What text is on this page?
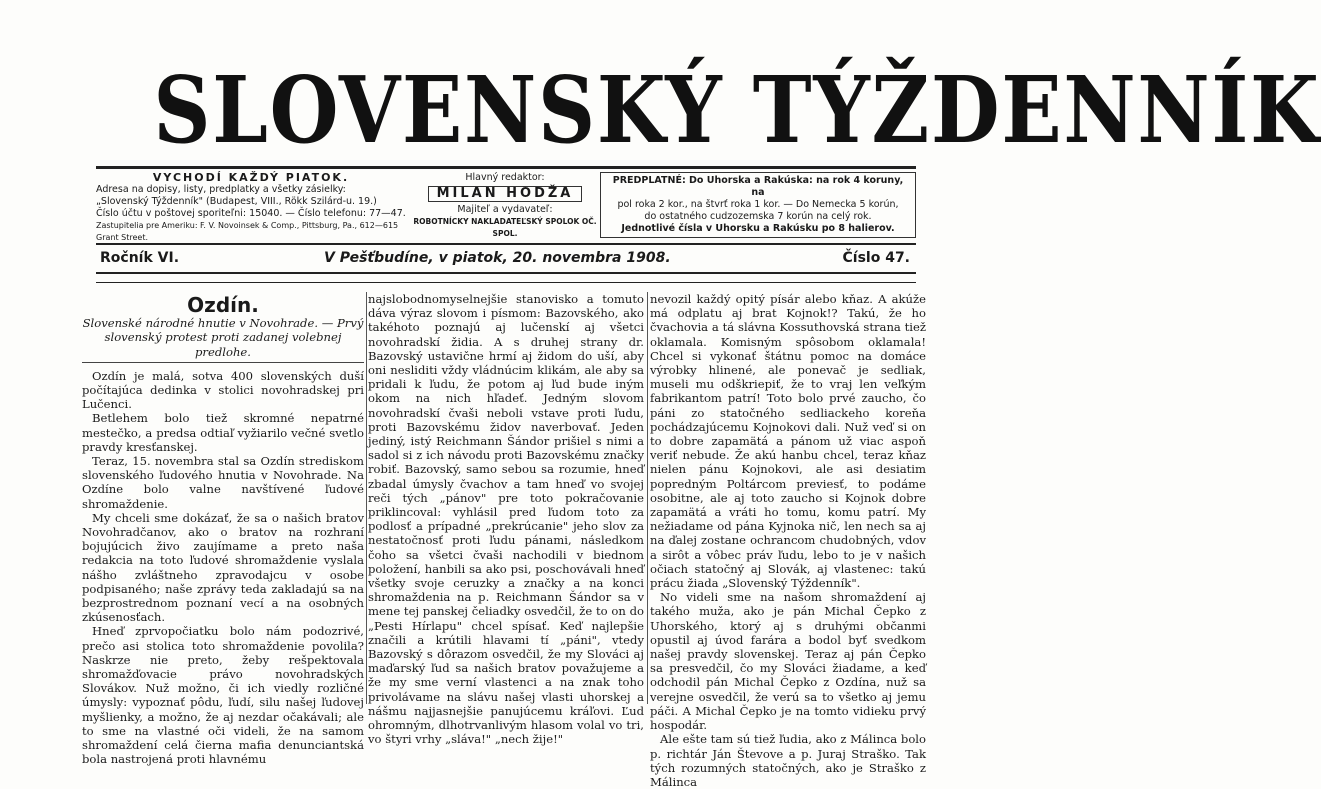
SLOVENSKÝ TÝŽDENNÍK
VYCHODÍ KAŽDÝ PIATOK.
Adresa na dopisy, listy, predplatky a všetky zásielky:
„Slovenský Týždenník" (Budapest, VIII., Rökk Szilárd-u. 19.)
Číslo účtu v poštovej sporiteľni: 15040. — Číslo telefonu: 77—47.
Zastupitelia pre Ameriku: F. V. Novoinsek & Comp., Pittsburg, Pa., 612—615 Grant Street.
Hlavný redaktor:
MILAN HODŽA
Majiteľ a vydavateľ:
ROBOTNÍCKY NAKLADATEĽSKÝ SPOLOK OČ. SPOL.
PREDPLATNÉ: Do Uhorska a Rakúska: na rok 4 koruny, na
pol roka 2 kor., na štvrť roka 1 kor. — Do Nemecka 5 korún,
do ostatného cudzozemska 7 korún na celý rok.
Jednotlivé čísla v Uhorsku a Rakúsku po 8 halierov.
Ročník VI.	V Pešťbudíne, v piatok, 20. novembra 1908.	Číslo 47.
Ozdín.

Slovenské národné hnutie v Novohrade. — Prvý slovenský protest proti zadanej volebnej predlohe.

Ozdín je malá, sotva 400 slovenských duší počítajúca dedinka v stolici novohradskej pri Lučenci.

Betlehem bolo tiež skromné nepatrné mestečko, a predsa odtiaľ vyžiarilo večné svetlo pravdy kresťanskej.

Teraz, 15. novembra stal sa Ozdín strediskom slovenského ľudového hnutia v Novohrade. Na Ozdíne bolo valne navštívené ľudové shromaždenie.

My chceli sme dokázať, že sa o našich bratov Novohradčanov, ako o bratov na rozhraní bojujúcich živo zaujímame a preto naša redakcia na toto ľudové shromaždenie vyslala nášho zvláštneho zpravodajcu v osobe podpisaného; naše zprávy teda zakladajú sa na bezprostrednom poznaní vecí a na osobných zkúsenosťach.

Hneď zprvopočiatku bolo nám podozrivé, prečo asi stolica toto shromaždenie povolila? Naskrze nie preto, žeby rešpektovala shromažďovacie právo novohradských Slovákov. Nuž možno, či ich viedly rozličné úmysly: vypoznať pôdu, ľudí, silu našej ľudovej myšlienky, a možno, že aj nezdar očakávali; ale to sme na vlastné oči videli, že na samom shromaždení celá čierna mafia denunciantská bola nastrojená proti hlavnému

najslobodnomyselnejšie stanovisko a tomuto dáva výraz slovom i písmom: Bazovského, ako takéhoto poznajú aj lučenskí aj všetci novohradskí židia. A s druhej strany dr. Bazovský ustavične hrmí aj židom do uší, aby oni nesliditi vždy vládnúcim klikám, ale aby sa pridali k ľudu, že potom aj ľud bude iným okom na nich hľadeť. Jedným slovom novohradskí čvaši neboli vstave proti ľudu, proti Bazovskému židov naverbovať. Jeden jediný, istý Reichmann Šándor prišiel s nimi a sadol si z ich návodu proti Bazovskému značky robiť. Bazovský, samo sebou sa rozumie, hneď zbadal úmysly čvachov a tam hneď vo svojej reči tých „pánov" pre toto pokračovanie priklincoval: vyhlásil pred ľudom toto za podlosť a prípadné „prekrúcanie" jeho slov za nestatočnosť proti ľudu pánami, následkom čoho sa všetci čvaši nachodili v biednom položení, hanbili sa ako psi, poschovávali hneď všetky svoje ceruzky a značky a na konci shromaždenia na p. Reichmann Šándor sa v mene tej panskej čeliadky osvedčil, že to on do „Pesti Hírlapu" chcel spísať. Keď najlepšie značili a krútili hlavami tí „páni", vtedy Bazovský s dôrazom osvedčil, že my Slováci aj maďarský ľud sa našich bratov považujeme a že my sme verní vlastenci a na znak toho privolávame na slávu našej vlasti uhorskej a nášmu najjasnejšie panujúcemu kráľovi. Ľud ohromným, dlhotrvanlivým hlasom volal vo tri, vo štyri vrhy „sláva!" „nech žije!"

nevozil každý opitý písár alebo kňaz. A akúže má odplatu aj brat Kojnok!? Takú, že ho čvachovia a tá slávna Kossuthovská strana tiež oklamala. Komisným spôsobom oklamala! Chcel si vykonať štátnu pomoc na domáce výrobky hlinené, ale ponevač je sedliak, museli mu odškriepiť, že to vraj len veľkým fabrikantom patrí! Toto bolo prvé zaucho, čo páni zo statočného sedliackeho koreňa pochádzajúcemu Kojnokovi dali. Nuž veď si on to dobre zapamätá a pánom už viac aspoň veriť nebude. Že akú hanbu chcel, teraz kňaz nielen pánu Kojnokovi, ale asi desiatim popredným Poltárcom previesť, to podáme osobitne, ale aj toto zaucho si Kojnok dobre zapamätá a vráti ho tomu, komu patrí. My nežiadame od pána Kyjnoka nič, len nech sa aj na ďalej zostane ochrancom chudobných, vdov a sirôt a vôbec práv ľudu, lebo to je v našich očiach statočný aj Slovák, aj vlastenec: takú prácu žiada „Slovenský Týždenník".

No videli sme na našom shromaždení aj takého muža, ako je pán Michal Čepko z Uhorského, ktorý aj s druhými občanmi opustil aj úvod farára a bodol byť svedkom našej pravdy slovenskej. Teraz aj pán Čepko sa presvedčil, čo my Slováci žiadame, a keď odchodil pán Michal Čepko z Ozdína, nuž sa verejne osvedčil, že verú sa to všetko aj jemu páči. A Michal Čepko je na tomto vidieku prvý hospodár.

Ale ešte tam sú tiež ľudia, ako z Málinca bolo p. richtár Ján Števove a p. Juraj Straško. Tak tých rozumných statočných, ako je Straško z Málinca
